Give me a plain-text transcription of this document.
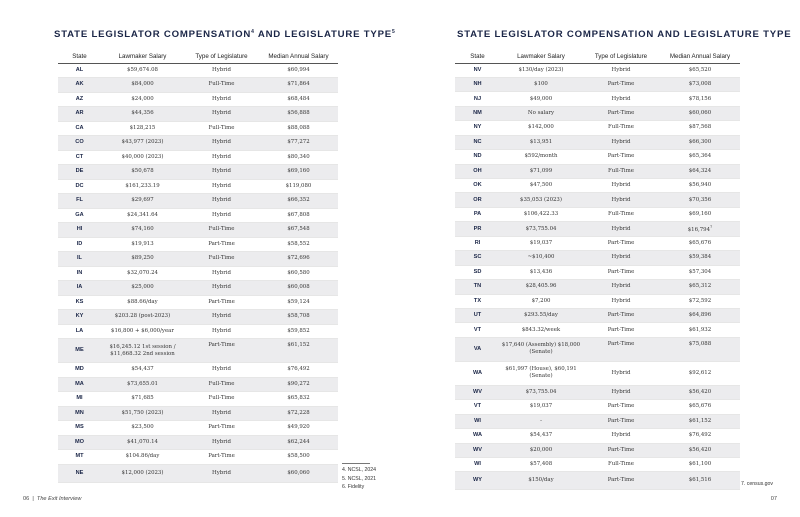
STATE LEGISLATOR COMPENSATION$^4$ AND LEGISLATURE TYPE$^5$
State	Lawmaker Salary	Type of Legislature	Median Annual Salary
AL	$59,674.08	Hybrid	$60,994
AK	$84,000	Full-Time	$71,864
AZ	$24,000	Hybrid	$68,484
AR	$44,356	Hybrid	$56,888
CA	$128,215	Full-Time	$88,088
CO	$43,977 (2023)	Hybrid	$77,272
CT	$40,000 (2023)	Hybrid	$80,340
DE	$50,678	Hybrid	$69,160
DC	$161,233.19	Hybrid	$119,080
FL	$29,697	Hybrid	$66,352
GA	$24,341.64	Hybrid	$67,808
HI	$74,160	Full-Time	$67,548
ID	$19,913	Part-Time	$58,552
IL	$89,250	Full-Time	$72,696
IN	$32,070.24	Hybrid	$60,580
IA	$25,000	Hybrid	$60,008
KS	$88.66/day	Part-Time	$59,124
KY	$203.28 (post-2023)	Hybrid	$58,708
LA	$16,800 + $6,000/year	Hybrid	$59,852
ME	$16,245.12 1st session / $11,668.32 2nd session	Part-Time	$61,152
MD	$54,437	Hybrid	$76,492
MA	$73,655.01	Full-Time	$90,272
MI	$71,685	Full-Time	$65,832
MN	$51,750 (2023)	Hybrid	$72,228
MS	$23,500	Part-Time	$49,920
MO	$41,070.14	Hybrid	$62,244
MT	$104.86/day	Part-Time	$58,500
NE	$12,000 (2023)	Hybrid	$60,060	4. NCSL, 2024
5. NCSL, 2021
6. Fidelity
06 | The Exit Interview
STATE LEGISLATOR COMPENSATION AND LEGISLATURE TYPE
State	Lawmaker Salary	Type of Legislature	Median Annual Salary
NV	$130/day (2023)	Hybrid	$65,520
NH	$100	Part-Time	$73,008
NJ	$49,000	Hybrid	$78,156
NM	No salary	Part-Time	$60,060
NY	$142,000	Full-Time	$87,568
NC	$13,951	Hybrid	$66,300
ND	$592/month	Part-Time	$65,364
OH	$71,099	Full-Time	$64,324
OK	$47,500	Hybrid	$56,940
OR	$35,053 (2023)	Hybrid	$70,356
PA	$106,422.33	Full-Time	$69,160
PR	$73,755.04	Hybrid	$16,794$^7$
RI	$19,037	Part-Time	$65,676
SC	~$10,400	Hybrid	$59,384
SD	$13,436	Part-Time	$57,304
TN	$28,405.96	Hybrid	$65,312
TX	$7,200	Hybrid	$72,592
UT	$293.55/day	Part-Time	$64,896
VT	$843.32/week	Part-Time	$61,932
VA	$17,640 (Assembly) $18,000 (Senate)	Part-Time	$75,088
WA	$61,997 (House), $60,191 (Senate)	Hybrid	$92,612
WV	$73,755.04	Hybrid	$56,420
VT	$19,037	Part-Time	$65,676
WI	-	Part-Time	$61,152
WA	$54,437	Hybrid	$76,492
WV	$20,000	Part-Time	$56,420
WI	$57,408	Full-Time	$61,100
WY	$150/day	Part-Time	$61,516
7. census.gov
07
